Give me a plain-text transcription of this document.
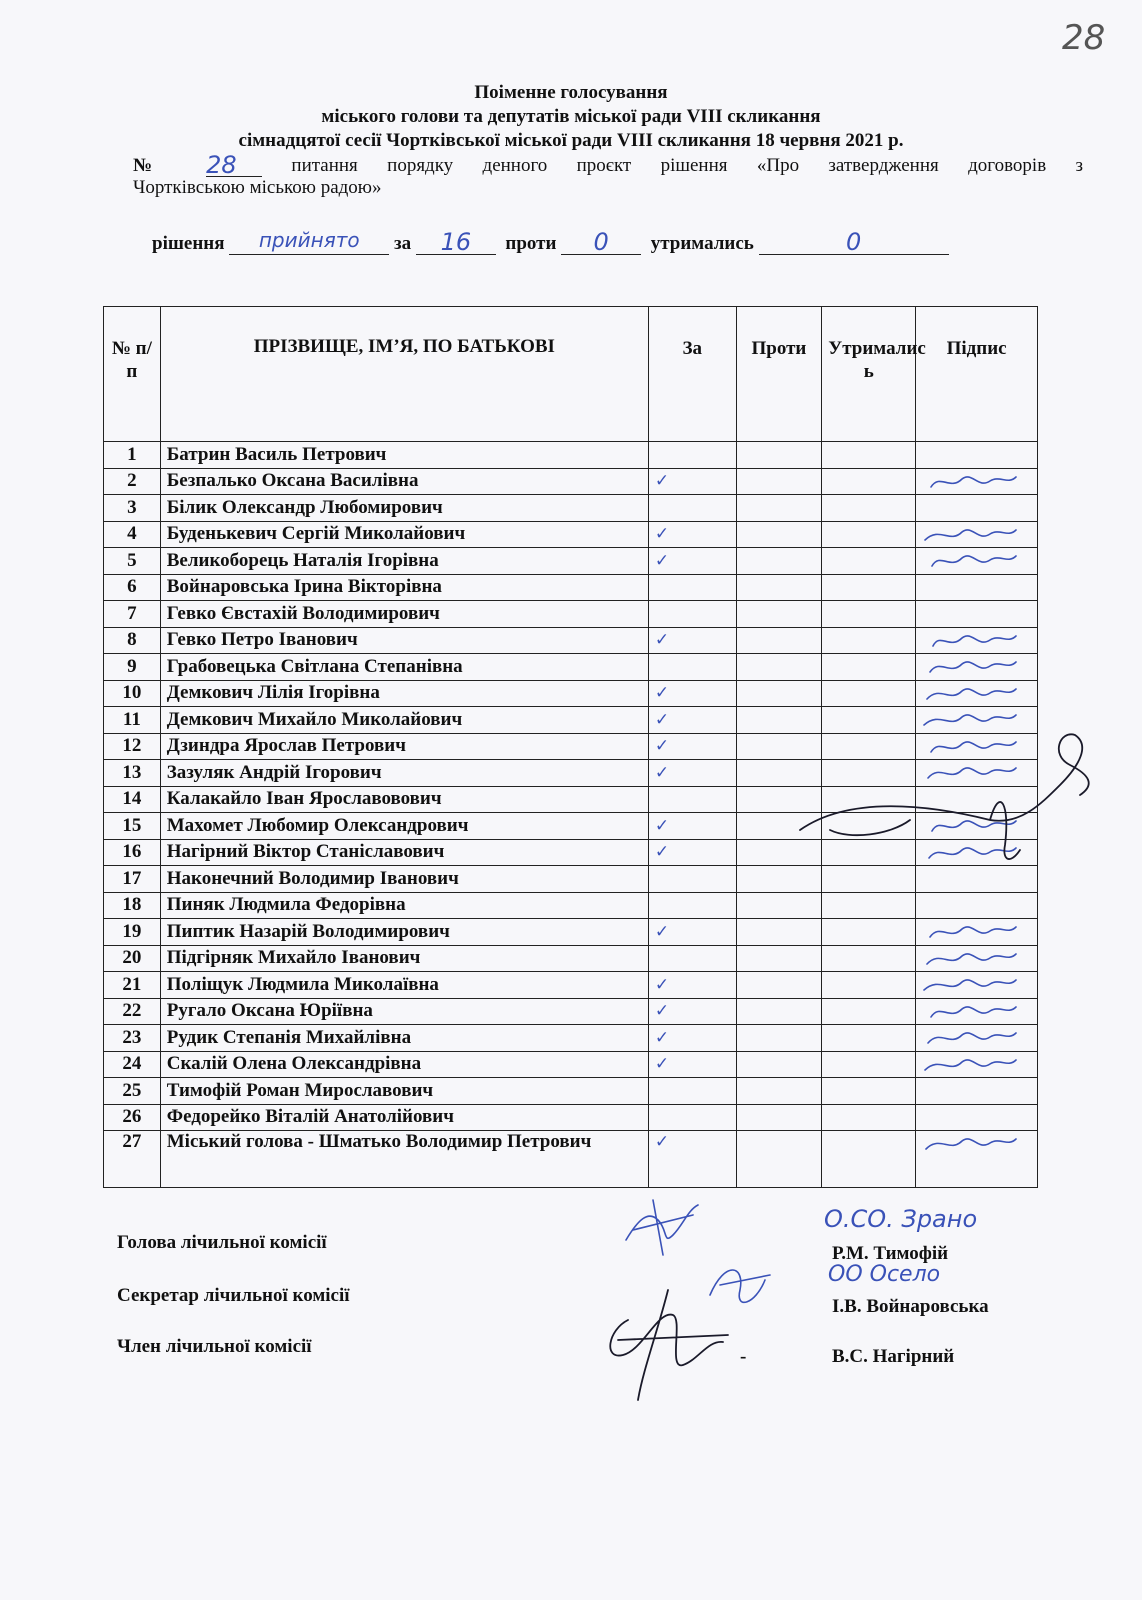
28
Поіменне голосування
міського голови та депутатів міської ради VIII скликання
сімнадцятої сесії Чортківської міської ради VIII скликання 18 червня 2021 р.
№ 28	питання порядку денного проєкт рішення «Про затвердження договорів з
Чортківською міською радою»
рішення прийнято за 16 проти 0 утримались	0
№ п/п	ПРІЗВИЩЕ, ІМ’Я, ПО БАТЬКОВІ	За	Проти	Утрималис ь	Підпис
1	Батрин Василь Петрович				
2	Безпалько Оксана Василівна	✓			

3	Білик Олександр Любомирович				
4	Буденькевич Сергій Миколайович	✓			

5	Великоборець Наталія Ігорівна	✓			

6	Войнаровська Ірина Вікторівна				
7	Гевко Євстахій Володимирович				
8	Гевко Петро Іванович	✓			

9	Грабовецька Світлана Степанівна				

10	Демкович Лілія Ігорівна	✓			

11	Демкович Михайло Миколайович	✓			

12	Дзиндра Ярослав Петрович	✓			

13	Зазуляк Андрій Ігорович	✓			

14	Калакайло Іван Ярославовович				
15	Махомет Любомир Олександрович	✓			

16	Нагірний Віктор Станіславович	✓			

17	Наконечний Володимир Іванович				
18	Пиняк Людмила Федорівна				
19	Пиптик Назарій Володимирович	✓			

20	Підгірняк Михайло Іванович				

21	Поліщук Людмила Миколаївна	✓			

22	Ругало Оксана Юріївна	✓			

23	Рудик Степанія Михайлівна	✓			

24	Скалій Олена Олександрівна	✓			

25	Тимофій Роман Мирославович				
26	Федорейко Віталій Анатолійович				
27	Міський голова - Шматько Володимир Петрович	✓			
Голова лічильної комісії
Секретар лічильної комісії
Член лічильної комісії
Р.М. Тимофій
І.В. Войнаровська
-	В.С. Нагірний
О.СО. Зрано
ОО Осело
